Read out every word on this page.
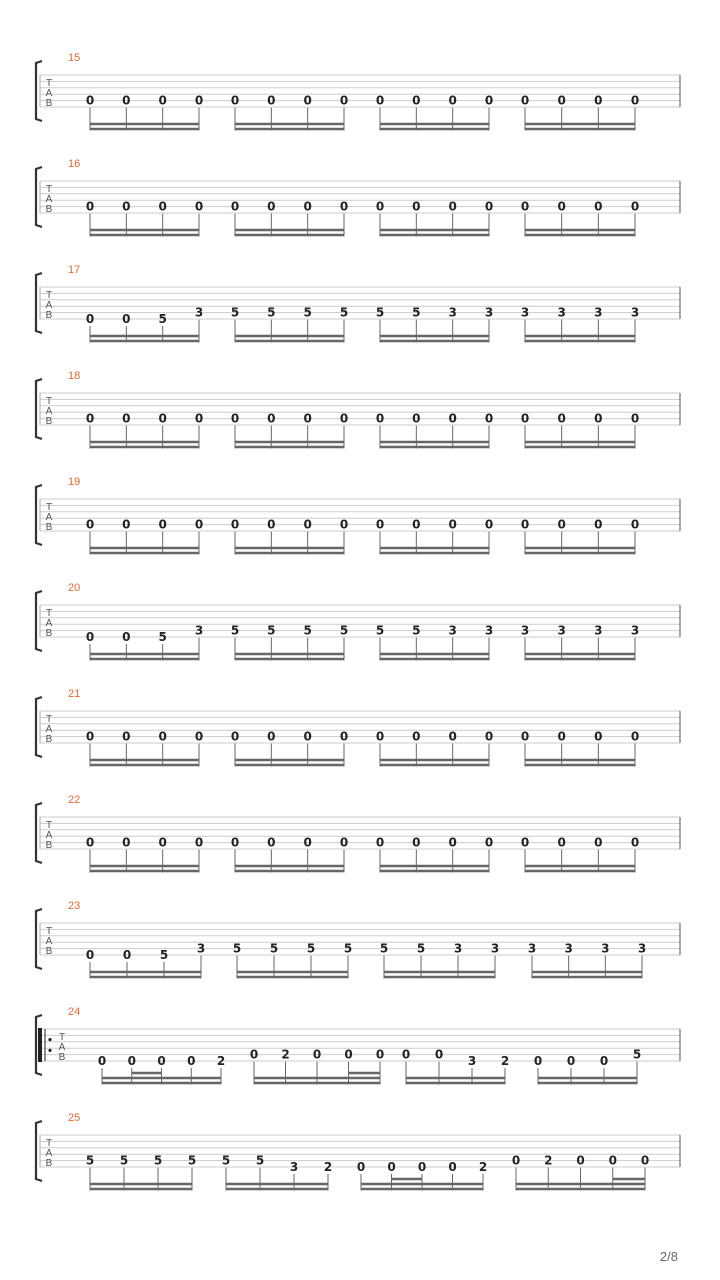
15
T
A
B	0 0 0 0 0 0 0 0 0 0 0 0 0 0 0 0
16
T
A
B	0 0 0 0 0 0 0 0 0 0 0 0 0 0 0 0
17
T
A
B	0 0 5 3 5 5 5 5 5 5 3 3 3 3 3 3
18
T
A
B	0 0 0 0 0 0 0 0 0 0 0 0 0 0 0 0
19
T
A
B	0 0 0 0 0 0 0 0 0 0 0 0 0 0 0 0
20
T
A
B	0 0 5 3 5 5 5 5 5 5 3 3 3 3 3 3
21
T
A
B	0 0 0 0 0 0 0 0 0 0 0 0 0 0 0 0
22
T
A
B	0 0 0 0 0 0 0 0 0 0 0 0 0 0 0 0
23
T
A
B	0 0 5 3 5 5 5 5 5 5 3 3 3 3 3 3
24
T
A
B	0 0 0 0 2 0 2 0 0 0 0 0 3 2 0 0 0 5
25
T
A
B	5 5 5 5 5 5 3 2 0 0 0 0 2 0 2 0 0 0
2/8
